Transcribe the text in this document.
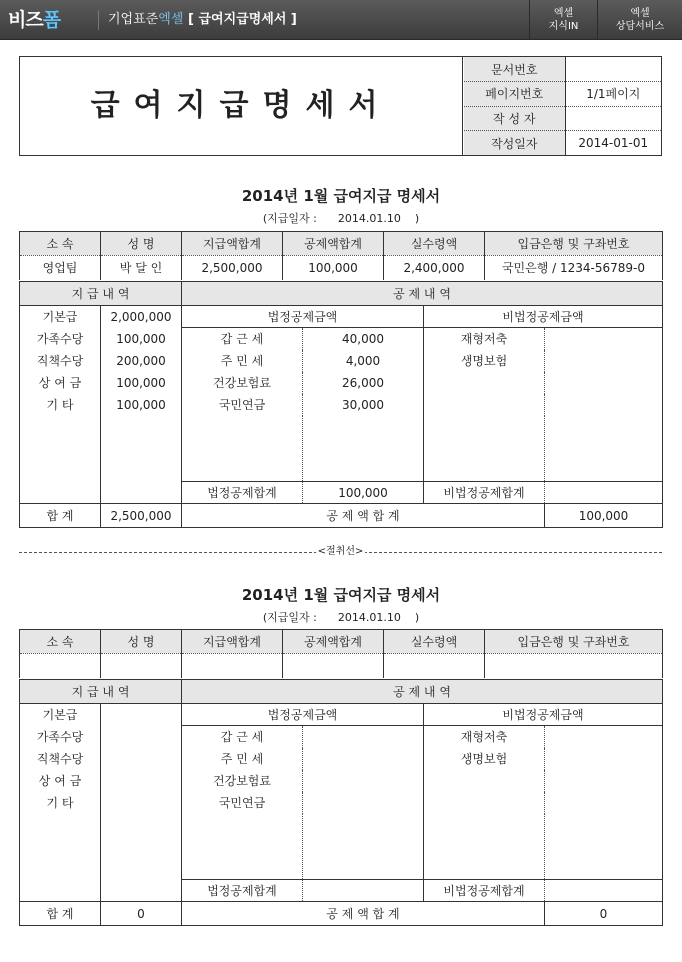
비즈폼	기업표준엑셀 [ 급여지급명세서 ]	엑셀
지식IN
엑셀
상담서비스
급여지급명세서
문서번호	
페이지번호	1/1페이지
작 성 자	
작성일자	2014-01-01
2014년 1월 급여지급 명세서
(지급일자 : 2014.01.10 )
소 속	성 명	지급액합계	공제액합계	실수령액	입금은행 및 구좌번호
영업팀	박 달 인	2,500,000	100,000	2,400,000	국민은행 / 1234-56789-0
지 급 내 역		공 제 내 역			
기본급	2,000,000	법정공제금액		비법정공제금액	
가족수당	100,000	갑 근 세	40,000	재형저축	
직책수당	200,000	주 민 세	4,000	생명보험	
상 여 금	100,000	건강보험료	26,000		
기 타	100,000	국민연금	30,000		

		법정공제합계	100,000	비법정공제합계	
합 계	2,500,000	공 제 액 합 계			100,000
<절취선>
2014년 1월 급여지급 명세서
(지급일자 : 2014.01.10 )
소 속	성 명	지급액합계	공제액합계	실수령액	입금은행 및 구좌번호

지 급 내 역		공 제 내 역			
기본급		법정공제금액		비법정공제금액	
가족수당		갑 근 세		재형저축	
직책수당		주 민 세		생명보험	
상 여 금		건강보험료			
기 타		국민연금			

		법정공제합계		비법정공제합계	
합 계	0	공 제 액 합 계			0
